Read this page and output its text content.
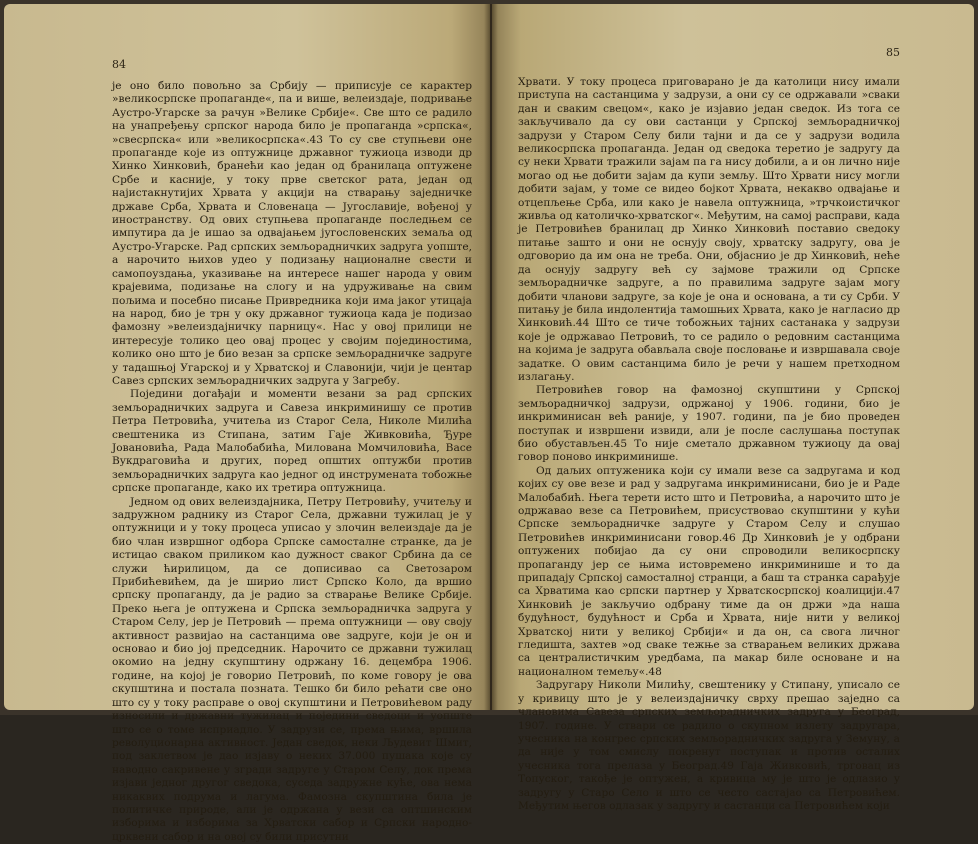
84

је оно било повољно за Србију — приписује се карактер »великосрпске пропаганде«, па и више, велеиздаје, подривање Аустро-Угарске за рачун »Велике Србије«. Све што се радило на унапређењу српског народа било је пропаганда »српска«, »свесрпска« или »великосрпска«.43 То су све ступњеви оне пропаганде које из оптужнице државног тужиоца изводи др Хинко Хинковић, бранећи као један од бранилаца оптужене Србе и касније, у току прве светског рата, један од најистакнутијих Хрвата у акцији на стварању заједничке државе Срба, Хрвата и Словенаца — Југославије, вођеној у иностранству. Од ових ступњева пропаганде последњем се импутира да је ишао за одвајањем југословенских земаља од Аустро-Угарске. Рад српских земљорадничких задруга уопште, а нарочито њихов удео у подизању националне свести и самопоуздања, указивање на интересе нашег народа у овим крајевима, подизање на слогу и на удруживање на свим пољима и посебно писање Привредника који има јаког утицаја на народ, био је трн у оку државног тужиоца када је подизао фамозну »велеиздајничку парницу«. Нас у овој прилици не интересује толико цео овај процес у својим појединостима, колико оно што је био везан за српске земљорадничке задруге у тадашњој Угарској и у Хрватској и Славонији, чији је центар Савез српских земљорадничких задруга у Загребу.

Поједини догађаји и моменти везани за рад српских земљорадничких задруга и Савеза инкриминишу се против Петра Петровића, учитеља из Старог Села, Николе Милића свештеника из Стипана, затим Гаје Живковића, Ђуре Јовановића, Рада Малобабића, Милована Момчиловића, Васе Вукдраговића и других, поред општих оптужби против земљорадничких задруга као једног од инструмената тобожње српске пропаганде, како их третира оптужница.

Једном од ових велеиздајника, Петру Петровићу, учитељу и задружном раднику из Старог Села, државни тужилац је у оптужници и у току процеса уписао у злочин велеиздаје да је био члан извршног одбора Српске самосталне странке, да је истицао сваком приликом као дужност сваког Србина да се служи ћирилицом, да се дописивао са Светозаром Прибићевићем, да је ширио лист Српско Коло, да вршио српску пропаганду, да је радио за стварање Велике Србије. Преко њега је оптужена и Српска земљорадничка задруга у Старом Селу, јер је Петровић — према оптужници — ову своју активност развијао на састанцима ове задруге, који је он и основао и био јој председник. Нарочито се државни тужилац окомио на једну скупштину одржану 16. децембра 1906. године, на којој је говорио Петровић, по коме говору је ова скупштина и постала позната. Тешко би било рећати све оно што су у току расправе о овој скупштини и Петровићевом раду износили и државни тужилац и поједини сведоци и уопште што се о томе исприадло. У задрузи се, према њима, вршила револуционарна активност. Један сведок, неки Људевит Шмит, под заклетвом је дао изјаву о неких 37.000 пушака које су наводно сакривене у згради задруге у Старом Селу, док према изјави једног другог сведока, суседа задружне куће, ова нема никаквих подрума и лагума. Фамозна скупштина била је политичке природе, али је одржана у вези са оптшинским изборима и изборима за Хрватски сабор и Српски народно-црквени сабор и на овој су били присутни

85

Хрвати. У току процеса приговарано је да католици нису имали приступа на састанцима у задрузи, а они су се одржавали »сваки дан и сваким свецом«, како је изјавио један сведок. Из тога се закључивало да су ови састанци у Српској земљорадничкој задрузи у Старом Селу били тајни и да се у задрузи водила великосрпска пропаганда. Један од сведока теретио је задругу да су неки Хрвати тражили зајам па га нису добили, а и он лично није могао од ње добити зајам да купи земљу. Што Хрвати нису могли добити зајам, у томе се видео бојкот Хрвата, некакво одвајање и отцепљење Срба, или како је навела оптужница, »трчкоистичког живља од католичко-хрватског«. Међутим, на самој расправи, када је Петровићев бранилац др Хинко Хинковић поставио сведоку питање зашто и они не оснују своју, хрватску задругу, ова је одговорио да им она не треба. Они, објаснио је др Хинковић, неће да оснују задругу већ су зајмове тражили од Српске земљорадничке задруге, а по правилима задруге зајам могу добити чланови задруге, за које је она и основана, а ти су Срби. У питању је била индолентија тамошњих Хрвата, како је нагласио др Хинковић.44 Што се тиче тобожњих тајних састанака у задрузи које је одржавао Петровић, то се радило о редовним састанцима на којима је задруга обављала своје пословање и извршавала своје задатке. О овим састанцима било је речи у нашем претходном излагању.

Петровићев говор на фамозној скупштини у Српској земљорадничкој задрузи, одржаној у 1906. години, био је инкриминисан већ раније, у 1907. години, па је био проведен поступак и извршени извиди, али је после саслушања поступак био обустављен.45 То није сметало државном тужиоцу да овај говор поново инкриминише.

Од даљих оптуженика који су имали везе са задругама и код којих су ове везе и рад у задругама инкриминисани, био је и Раде Малобабић. Њега терети исто што и Петровића, а нарочито што је одржавао везе са Петровићем, присуствовао скупштини у кући Српске земљорадничке задруге у Старом Селу и слушао Петровићев инкриминисани говор.46 Др Хинковић је у одбрани оптужених побијао да су они спроводили великосрпску пропаганду јер се њима истовремено инкриминише и то да припадају Српској самосталној странци, а баш та странка сарађује са Хрватима као српски партнер у Хрватскосрпској коалицији.47 Хинковић је закључио одбрану тиме да он држи »да наша будућност, будућност и Срба и Хрвата, није нити у великој Хрватској нити у великој Србији« и да он, са свога личног гледишта, захтев »од свакe тежње за стварањем великих држава са централистичким уредбама, па макар биле основане и на националном темељу«.48

Задругару Николи Милићу, свештенику у Стипану, уписало се у кривицу што је у велеиздајничку сврху прешао заједно са члановима Савеза српских земљорадничких задруга у Београд, 1907. године. У ствари се радило о скупном излету задругара, учесника на конгрес српских земљорадничких задруга у Земуну, а да није у том смислу покренут поступак и против осталих учесника тога прелаза у Београд.49 Гаја Живковић, трговац из Топуског, такође је оптужен, а кривица му је што је одлазио у задругу у Старо Село и што се често састајао са Петровићем. Међутим његов одлазак у задругу и састанци са Петровићем који
